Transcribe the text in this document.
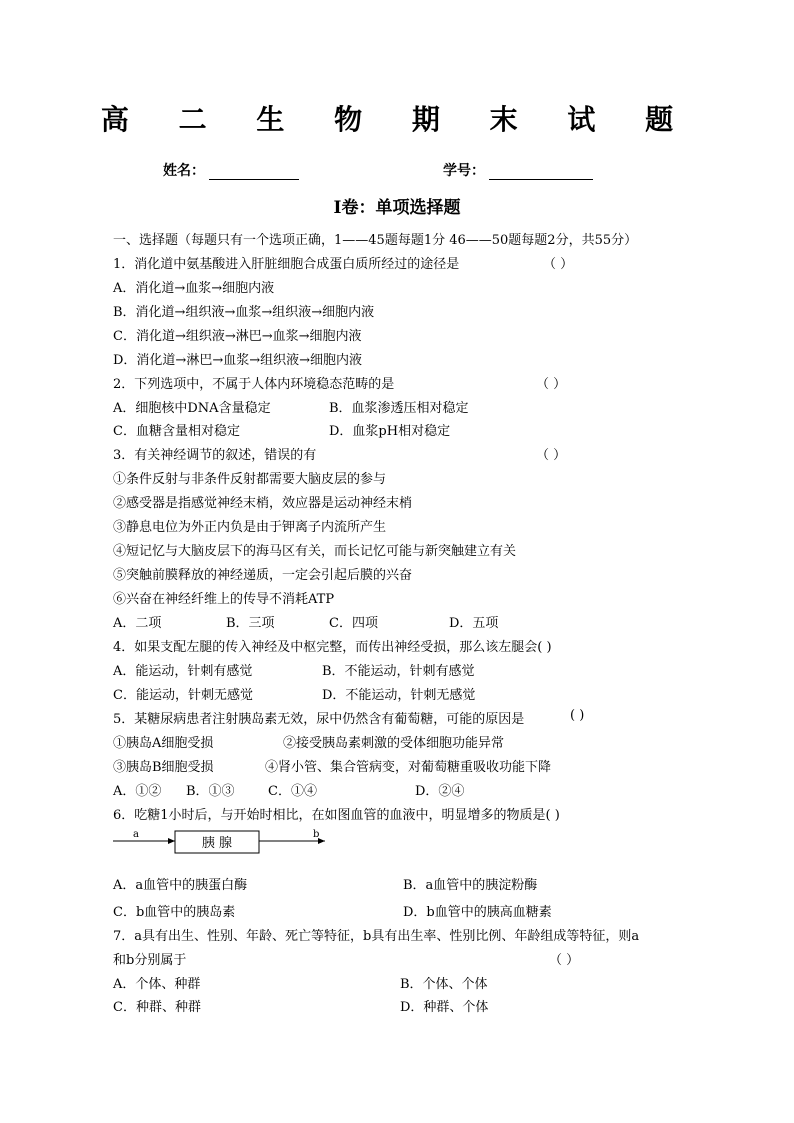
高 二 生 物 期 末 试 题
姓名：	学号：
Ⅰ卷：单项选择题
一、选择题（每题只有一个选项正确，1——45题每题1分 46——50题每题2分，共55分）
1．消化道中氨基酸进入肝脏细胞合成蛋白质所经过的途径是	（ ）
A．消化道→血浆→细胞内液
B．消化道→组织液→血浆→组织液→细胞内液
C．消化道→组织液→淋巴→血浆→细胞内液
D．消化道→淋巴→血浆→组织液→细胞内液
2．下列选项中，不属于人体内环境稳态范畴的是	（ ）
A．细胞核中DNA含量稳定	B．血浆渗透压相对稳定
C．血糖含量相对稳定	D．血浆pH相对稳定
3．有关神经调节的叙述，错误的有	（ ）
①条件反射与非条件反射都需要大脑皮层的参与
②感受器是指感觉神经末梢，效应器是运动神经末梢
③静息电位为外正内负是由于钾离子内流所产生
④短记忆与大脑皮层下的海马区有关，而长记忆可能与新突触建立有关
⑤突触前膜释放的神经递质，一定会引起后膜的兴奋
⑥兴奋在神经纤维上的传导不消耗ATP
A．二项	B．三项	C．四项	D．五项
4．如果支配左腿的传入神经及中枢完整，而传出神经受损，那么该左腿会( )
A．能运动，针刺有感觉	B．不能运动，针刺有感觉
C．能运动，针刺无感觉	D．不能运动，针刺无感觉
5．某糖尿病患者注射胰岛素无效，尿中仍然含有葡萄糖，可能的原因是	( )
①胰岛A细胞受损	②接受胰岛素刺激的受体细胞功能异常
③胰岛B细胞受损	④肾小管、集合管病变，对葡萄糖重吸收功能下降
A．①② B．①③	C．①④	D．②④
6．吃糖1小时后，与开始时相比，在如图血管的血液中，明显增多的物质是( )
a	b
胰 腺
A．a血管中的胰蛋白酶	B．a血管中的胰淀粉酶
C．b血管中的胰岛素	D．b血管中的胰高血糖素
7．a具有出生、性别、年龄、死亡等特征，b具有出生率、性别比例、年龄组成等特征，则a
和b分别属于	（ ）
A．个体、种群	B．个体、个体
C．种群、种群	D．种群、个体
